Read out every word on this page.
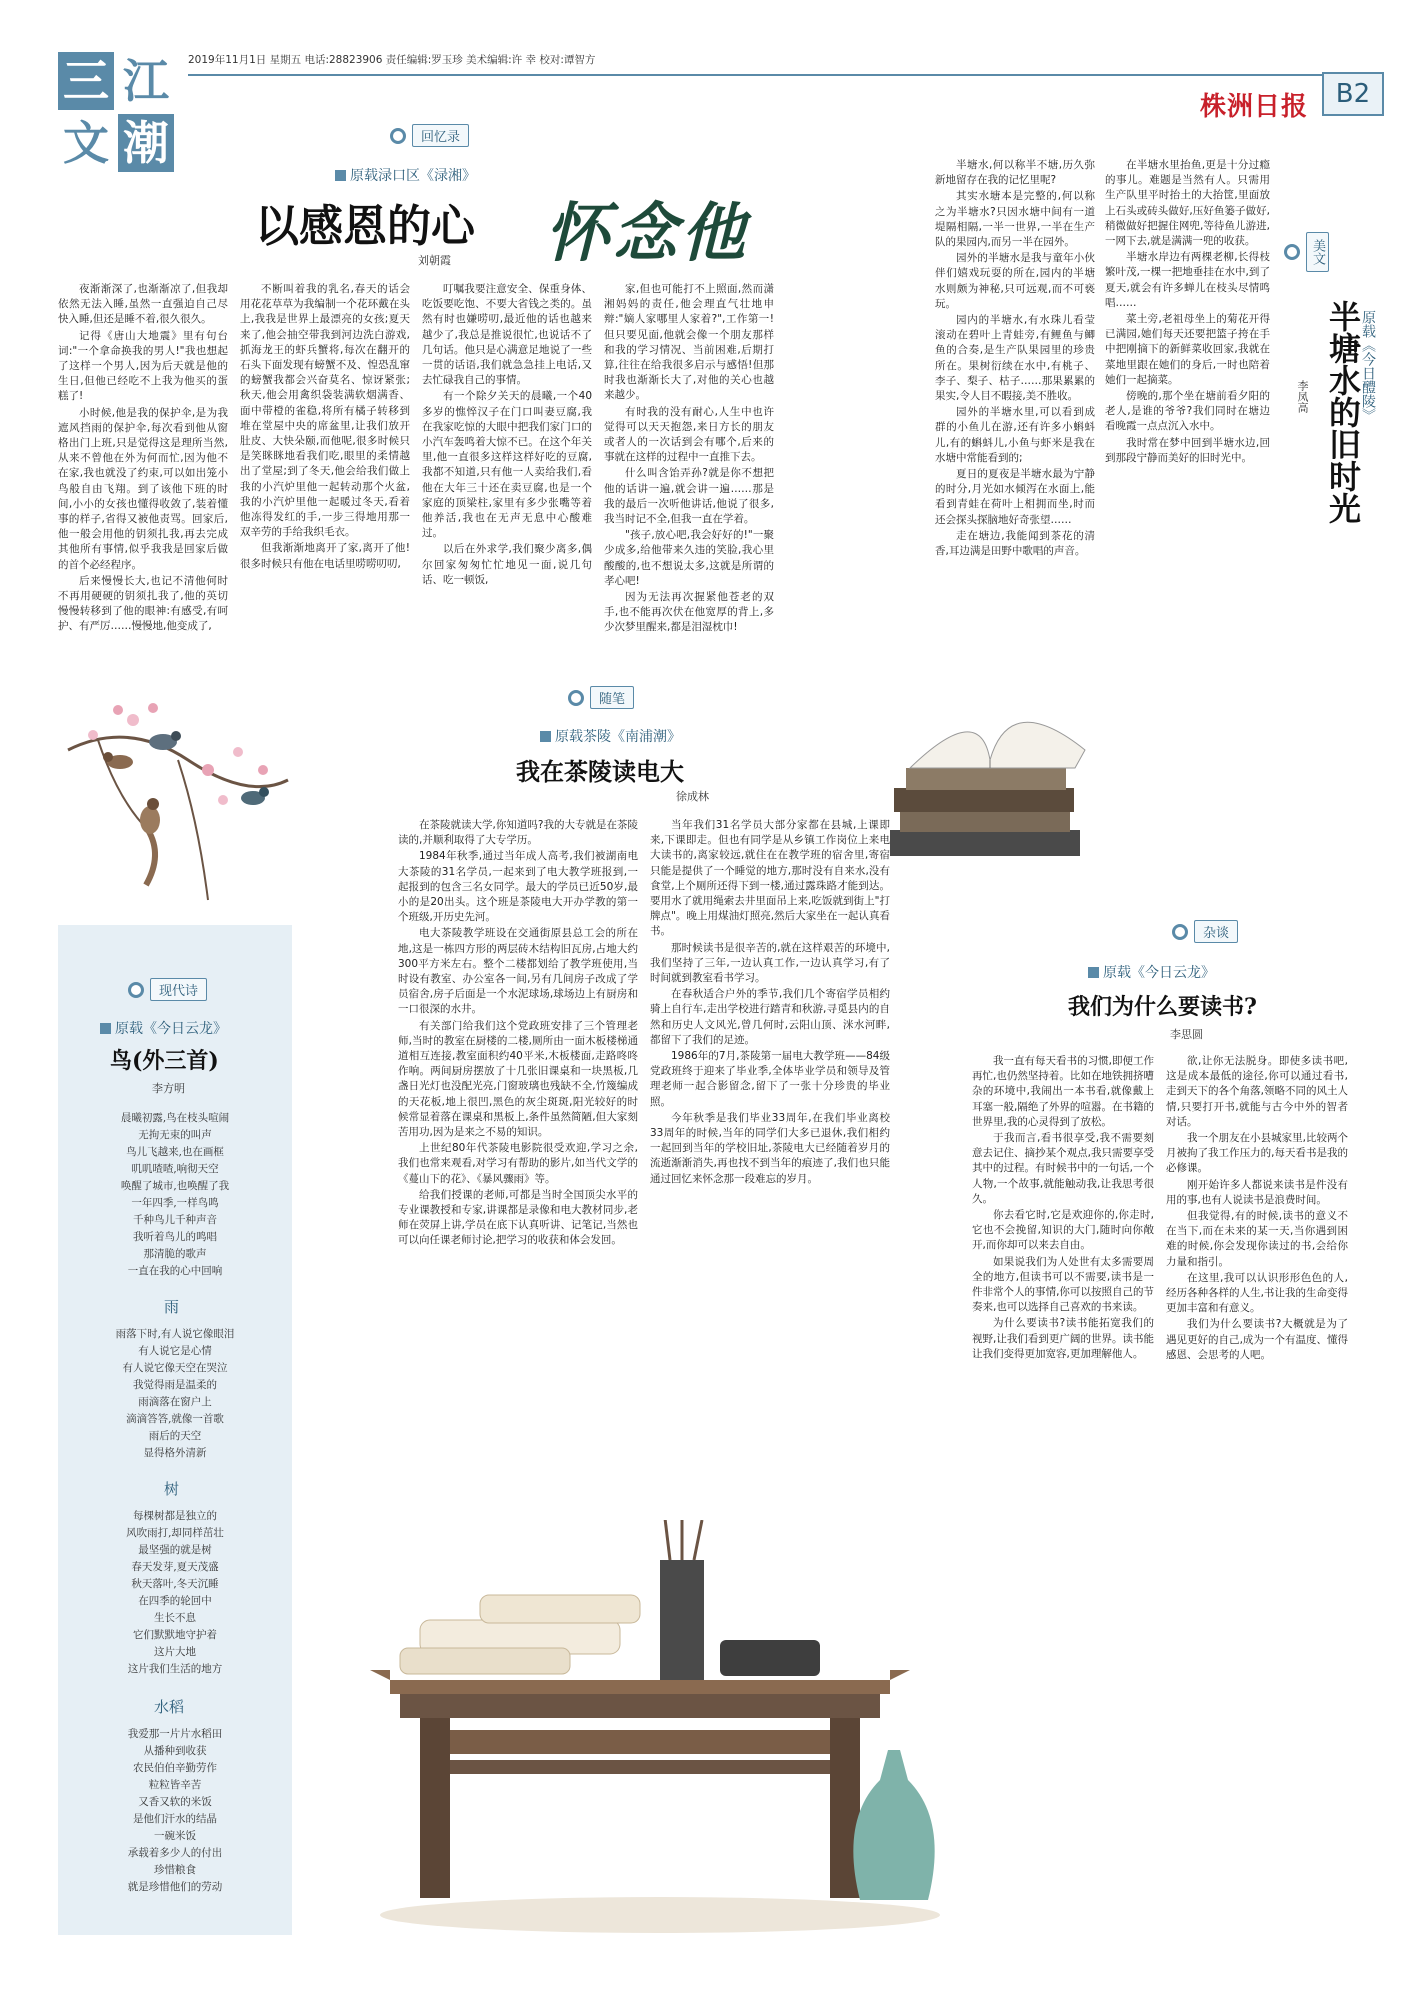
三 江
文 潮
2019年11月1日 星期五 电话:28823906 责任编辑:罗玉珍 美术编辑:许 幸 校对:谭智方
株洲日报	B2
回忆录
原载渌口区《渌湘》
以感恩的心 怀念他
刘朝霞

夜渐渐深了,也渐渐凉了,但我却依然无法入睡,虽然一直强迫自己尽快入睡,但还是睡不着,很久很久。

记得《唐山大地震》里有句台词:"一个拿命换我的男人!"我也想起了这样一个男人,因为后天就是他的生日,但他已经吃不上我为他买的蛋糕了!

小时候,他是我的保护伞,是为我遮风挡雨的保护伞,每次看到他从窗格出门上班,只是觉得这是理所当然,从来不曾他在外为何而忙,因为他不在家,我也就没了约束,可以如出笼小鸟般自由飞翔。到了该他下班的时间,小小的女孩也懂得收敛了,装着懂事的样子,省得又被他责骂。回家后,他一般会用他的钥须扎我,再去完成其他所有事情,似乎我我是回家后做的首个必经程序。

后来慢慢长大,也记不清他何时不再用硬硬的钥须扎我了,他的英切慢慢转移到了他的眼神:有感受,有呵护、有严厉……慢慢地,他变成了,

不断叫着我的乳名,春天的话会用花花草草为我编制一个花环戴在头上,我我是世界上最漂亮的女孩;夏天来了,他会抽空带我到河边洗白游戏,抓海龙王的虾兵蟹将,每次在翻开的石头下面发现有螃蟹不及、惶恐乱窜的螃蟹我都会兴奋莫名、惊讶紧张;秋天,他会用禽织袋装满软烟满香、面中带橙的雀稳,将所有橘子转移到堆在堂屋中央的席盆里,让我们放开肚皮、大快朵颐,而他呢,很多时候只是笑眯眯地看我们吃,眼里的柔情越出了堂屋;到了冬天,他会给我们做上我的小汽炉里他一起转动那个火盆,我的小汽炉里他一起暖过冬天,看着他冻得发红的手,一步三得地用那一双辛劳的手给我织毛衣。

但我渐渐地离开了家,离开了他!很多时候只有他在电话里唠唠叨叨,

叮嘱我要注意安全、保重身体、吃饭要吃饱、不要大省钱之类的。虽然有时也嫌唠叨,最近他的话也越来越少了,我总是推说很忙,也说话不了几句话。他只是心满意足地说了一些一贯的话语,我们就急急挂上电话,又去忙碌我自己的事情。

有一个除夕关天的晨曦,一个40多岁的憔悴汉子在门口叫妻豆腐,我在我家吃惊的大眼中把我们家门口的小汽车轰鸣着大惊不已。在这个年关里,他一直很多这样这样好吃的豆腐,我都不知道,只有他一人卖给我们,看他在大年三十还在卖豆腐,也是一个家庭的顶梁柱,家里有多少张嘴等着他养活,我也在无声无息中心酸难过。

以后在外求学,我们聚少离多,偶尔回家匆匆忙忙地见一面,说几句话、吃一顿饭,

家,但也可能打不上照面,然而潇湘妈妈的责任,他会理直气壮地申辩:"嫡人家哪里人家着?",工作第一!但只要见面,他就会像一个朋友那样和我的学习情况、当前困难,后期打算,往往在给我很多启示与感悟!但那时我也渐渐长大了,对他的关心也越来越少。

有时我的没有耐心,人生中也许觉得可以天天抱怨,来日方长的朋友或者人的一次话到会有哪个,后来的事就在这样的过程中一直推下去。

什么叫含饴弄孙?就是你不想把他的话讲一遍,就会讲一遍……那是我的最后一次听他讲话,他说了很多,我当时记不全,但我一直在学着。

"孩子,放心吧,我会好好的!"一聚少成多,给他带来久违的笑脸,我心里酸酸的,也不想说太多,这就是所谓的孝心吧!

因为无法再次握紧他苍老的双手,也不能再次伏在他宽厚的背上,多少次梦里醒来,都是泪湿枕巾!

半塘水,何以称半不塘,历久弥新地留存在我的记忆里呢?

其实水塘本是完整的,何以称之为半塘水?只因水塘中间有一道堤隔相隔,一半一世界,一半在生产队的果园内,而另一半在园外。

园外的半塘水是我与童年小伙伴们嬉戏玩耍的所在,园内的半塘水则颇为神秘,只可远观,而不可亵玩。

园内的半塘水,有水珠儿看莹滚动在碧叶上青蛙旁,有鲤鱼与鲫鱼的合奏,是生产队果园里的珍贵所在。果树衍续在水中,有桃子、李子、梨子、枯子……那果累累的果实,令人目不暇接,美不胜收。

园外的半塘水里,可以看到成群的小鱼儿在游,还有许多小蝌蚪儿,有的蝌蚪儿,小鱼与虾米是我在水塘中常能看到的;

夏日的夏夜是半塘水最为宁静的时分,月光如水倾泻在水面上,能看到青蛙在荷叶上相拥而坐,时而还会探头探脑地好奇张望……

走在塘边,我能闻到茶花的清香,耳边满是田野中歌唱的声音。

在半塘水里抬鱼,更是十分过瘾的事儿。难题是当然有人。只需用生产队里平时抬土的大抬筐,里面放上石头或砖头做好,压好鱼篓子做好,稍微做好把握住网兜,等待鱼儿游进,一网下去,就是满满一兜的收获。

半塘水岸边有两棵老柳,长得枝繁叶茂,一棵一把地垂挂在水中,到了夏天,就会有许多蝉儿在枝头尽情鸣唱……

菜土旁,老祖母坐上的菊花开得已满园,她们每天还要把篮子挎在手中把刚摘下的新鲜菜收回家,我就在菜地里跟在她们的身后,一时也陪着她们一起摘菜。

傍晚的,那个坐在塘前看夕阳的老人,是谁的爷爷?我们同时在塘边看晚霞一点点沉入水中。

我时常在梦中回到半塘水边,回到那段宁静而美好的旧时光中。

美文
原载《今日醴陵》
半塘水的旧时光
李凤高
随笔
原载茶陵《南浦潮》
我在茶陵读电大
徐成林

在茶陵就读大学,你知道吗?我的大专就是在茶陵读的,并顺利取得了大专学历。

1984年秋季,通过当年成人高考,我们被湖南电大茶陵的31名学员,一起来到了电大教学班报到,一起报到的包含三名女同学。最大的学员已近50岁,最小的是20出头。这个班是茶陵电大开办学教的第一个班级,开历史先河。

电大茶陵教学班设在交通街原县总工会的所在地,这是一栋四方形的两层砖木结构旧瓦房,占地大约300平方米左右。整个二楼都划给了教学班使用,当时设有教室、办公室各一间,另有几间房子改成了学员宿舍,房子后面是一个水泥球场,球场边上有厨房和一口很深的水井。

有关部门给我们这个党政班安排了三个管理老师,当时的教室在厨楼的二楼,厕所由一面木板楼梯通道相互连接,教室面积约40平米,木板楼面,走路咚咚作响。两间厨房摆放了十几张旧课桌和一块黑板,几盏日光灯也没配光亮,门窗玻璃也残缺不全,竹篾编成的天花板,地上很凹,黑色的灰尘斑斑,阳光较好的时候常显着落在课桌和黑板上,条件虽然简陋,但大家刻苦用功,因为是来之不易的知识。

上世纪80年代茶陵电影院很受欢迎,学习之余,我们也常来观看,对学习有帮助的影片,如当代文学的《蔓山下的花》、《暴风骤雨》等。

给我们授课的老师,可都是当时全国顶尖水平的专业课教授和专家,讲课都是录像和电大教材同步,老师在荧屏上讲,学员在底下认真听讲、记笔记,当然也可以向任课老师讨论,把学习的收获和体会发回。

当年我们31名学员大部分家都在县城,上课即来,下课即走。但也有同学是从乡镇工作岗位上来电大读书的,离家较远,就住在在教学班的宿舍里,寄宿只能是提供了一个睡觉的地方,那时没有自来水,没有食堂,上个厕所还得下到一楼,通过露珠路才能到达。要用水了就用绳索去井里面吊上来,吃饭就到街上"打牌点"。晚上用煤油灯照亮,然后大家坐在一起认真看书。

那时候读书是很辛苦的,就在这样艰苦的环境中,我们坚持了三年,一边认真工作,一边认真学习,有了时间就到教室看书学习。

在春秋适合户外的季节,我们几个寄宿学员相约骑上自行车,走出学校进行踏青和秋游,寻觅县内的自然和历史人文风光,曾几何时,云阳山顶、洣水河畔,都留下了我们的足迹。

1986年的7月,茶陵第一届电大教学班——84级党政班终于迎来了毕业季,全体毕业学员和领导及管理老师一起合影留念,留下了一张十分珍贵的毕业照。

今年秋季是我们毕业33周年,在我们毕业离校33周年的时候,当年的同学们大多已退休,我们相约一起回到当年的学校旧址,茶陵电大已经随着岁月的流逝渐渐消失,再也找不到当年的痕迹了,我们也只能通过回忆来怀念那一段难忘的岁月。

杂谈
原载《今日云龙》
我们为什么要读书?
李思圆

我一直有每天看书的习惯,即便工作再忙,也仍然坚持着。比如在地铁拥挤嘈杂的环境中,我闹出一本书看,就像戴上耳塞一般,隔绝了外界的喧嚣。在书籍的世界里,我的心灵得到了放松。

于我而言,看书很享受,我不需要刻意去记住、摘抄某个观点,我只需要享受其中的过程。有时候书中的一句话,一个人物,一个故事,就能触动我,让我思考很久。

你去看它时,它是欢迎你的,你走时,它也不会挽留,知识的大门,随时向你敞开,而你却可以来去自由。

如果说我们为人处世有太多需要周全的地方,但读书可以不需要,读书是一件非常个人的事情,你可以按照自己的节奏来,也可以选择自己喜欢的书来读。

为什么要读书?读书能拓宽我们的视野,让我们看到更广阔的世界。读书能让我们变得更加宽容,更加理解他人。

欲,让你无法脱身。即使多读书吧,这是成本最低的途径,你可以通过看书,走到天下的各个角落,领略不同的风土人情,只要打开书,就能与古今中外的智者对话。

我一个朋友在小县城家里,比较两个月被拘了我工作压力的,每天看书是我的必修课。

刚开始许多人都说来读书是件没有用的事,也有人说读书是浪费时间。

但我觉得,有的时候,读书的意义不在当下,而在未来的某一天,当你遇到困难的时候,你会发现你读过的书,会给你力量和指引。

在这里,我可以认识形形色色的人,经历各种各样的人生,书让我的生命变得更加丰富和有意义。

我们为什么要读书?大概就是为了遇见更好的自己,成为一个有温度、懂得感恩、会思考的人吧。

现代诗
原载《今日云龙》
鸟(外三首)
李方明
晨曦初露,鸟在枝头喧闹
无拘无束的叫声
鸟儿飞越来,也在画框
叽叽喳喳,响彻天空
唤醒了城市,也唤醒了我
一年四季,一样鸟鸣
千种鸟儿千种声音
我听着鸟儿的鸣唱
那清脆的歌声
一直在我的心中回响
雨
雨落下时,有人说它像眼泪
有人说它是心情
有人说它像天空在哭泣
我觉得雨是温柔的
雨滴落在窗户上
滴滴答答,就像一首歌
雨后的天空
显得格外清新
树
每棵树都是独立的
风吹雨打,却同样茁壮
最坚强的就是树
春天发芽,夏天茂盛
秋天落叶,冬天沉睡
在四季的轮回中
生长不息
它们默默地守护着
这片大地
这片我们生活的地方
水稻
我爱那一片片水稻田
从播种到收获
农民伯伯辛勤劳作
粒粒皆辛苦
又香又软的米饭
是他们汗水的结晶
一碗米饭
承载着多少人的付出
珍惜粮食
就是珍惜他们的劳动
